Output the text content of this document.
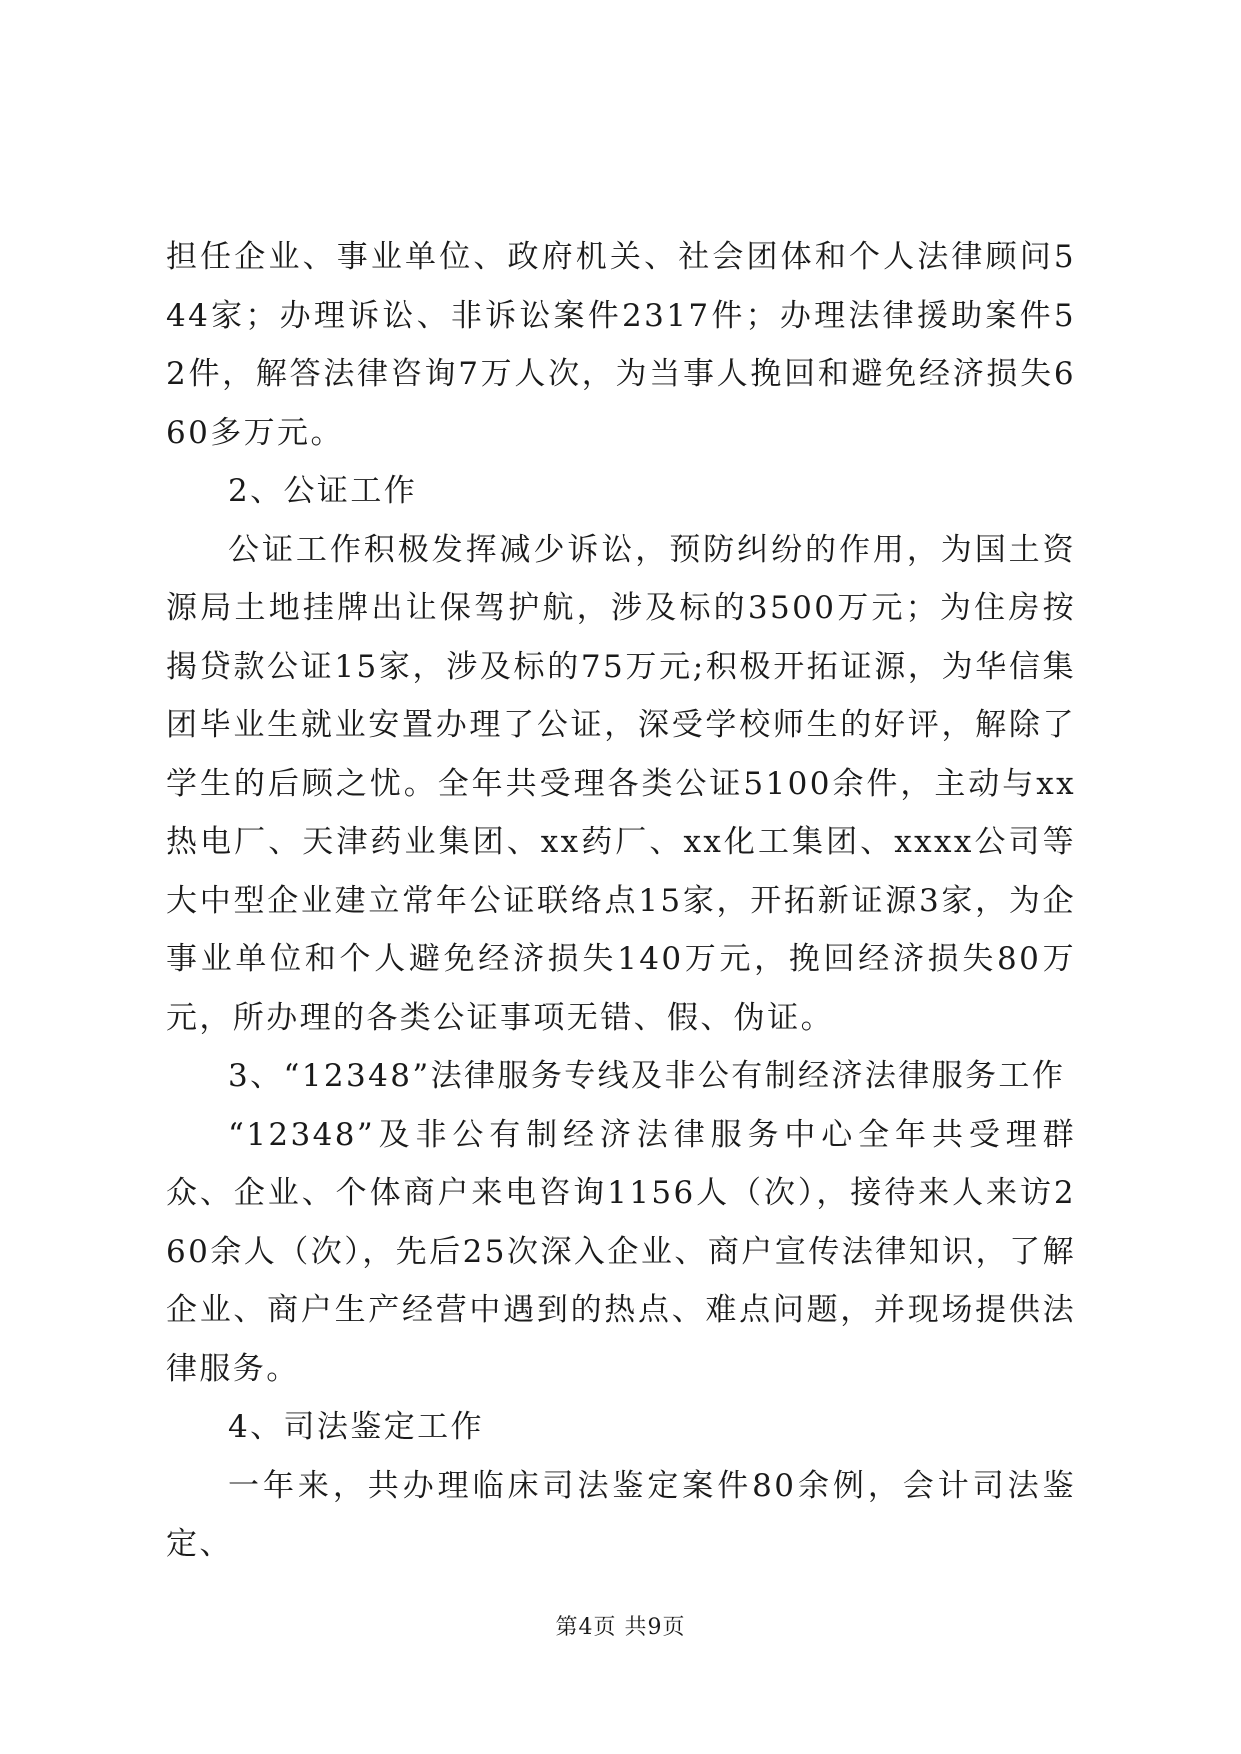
担任企业、事业单位、政府机关、社会团体和个人法律顾问544家；办理诉讼、非诉讼案件2317件；办理法律援助案件52件，解答法律咨询7万人次，为当事人挽回和避免经济损失660多万元。

2、公证工作

公证工作积极发挥减少诉讼，预防纠纷的作用，为国土资源局土地挂牌出让保驾护航，涉及标的3500万元；为住房按揭贷款公证15家，涉及标的75万元;积极开拓证源，为华信集团毕业生就业安置办理了公证，深受学校师生的好评，解除了学生的后顾之忧。全年共受理各类公证5100余件，主动与xx热电厂、天津药业集团、xx药厂、xx化工集团、xxxx公司等大中型企业建立常年公证联络点15家，开拓新证源3家，为企事业单位和个人避免经济损失140万元，挽回经济损失80万元，所办理的各类公证事项无错、假、伪证。

3、“12348”法律服务专线及非公有制经济法律服务工作

“12348”及非公有制经济法律服务中心全年共受理群众、企业、个体商户来电咨询1156人（次），接待来人来访260余人（次），先后25次深入企业、商户宣传法律知识，了解企业、商户生产经营中遇到的热点、难点问题，并现场提供法律服务。

4、司法鉴定工作

一年来，共办理临床司法鉴定案件80余例，会计司法鉴定、

第4页 共9页
